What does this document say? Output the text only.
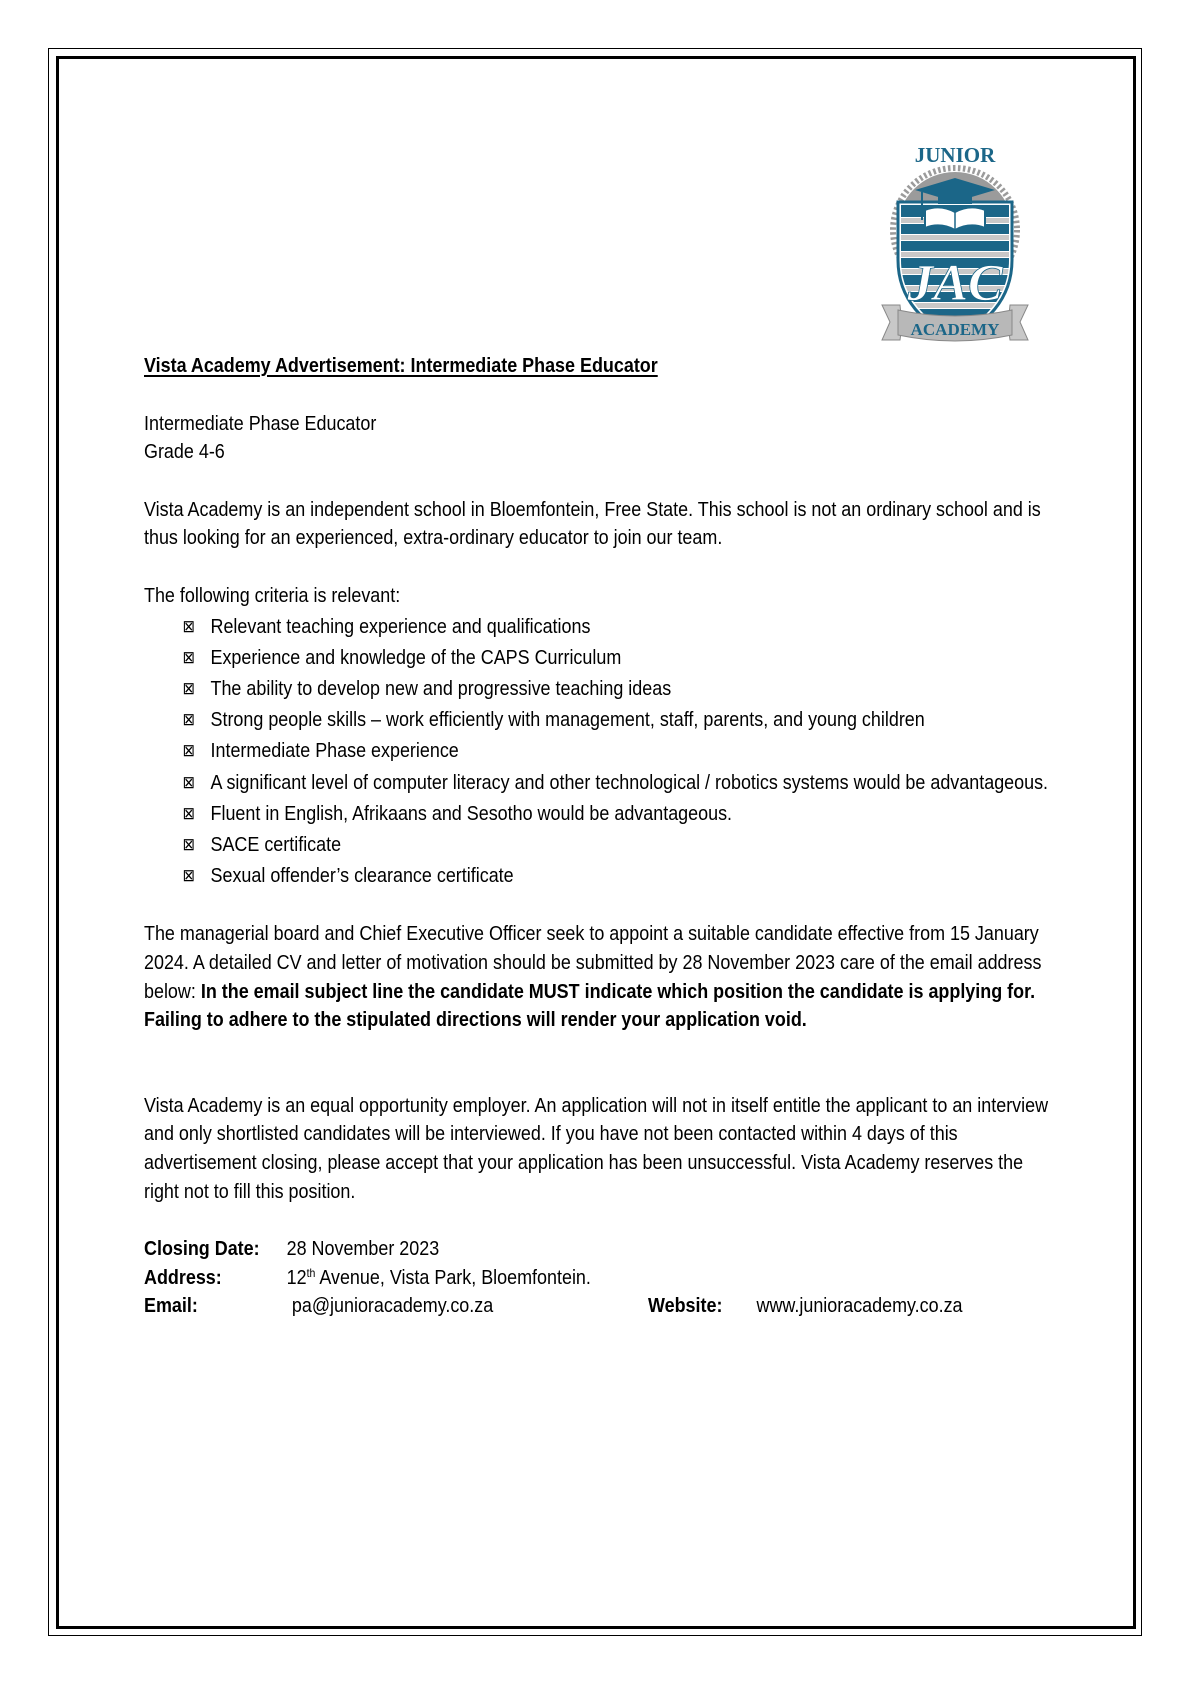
JUNIOR
JAC
ACADEMY

Vista Academy Advertisement: Intermediate Phase Educator

Intermediate Phase Educator

Grade 4-6

Vista Academy is an independent school in Bloemfontein, Free State. This school is not an ordinary school and is thus looking for an experienced, extra-ordinary educator to join our team.

The following criteria is relevant:

⊠ Relevant teaching experience and qualifications
⊠ Experience and knowledge of the CAPS Curriculum
⊠ The ability to develop new and progressive teaching ideas
⊠ Strong people skills – work efficiently with management, staff, parents, and young children
⊠ Intermediate Phase experience
⊠ A significant level of computer literacy and other technological / robotics systems would be advantageous.
⊠ Fluent in English, Afrikaans and Sesotho would be advantageous.
⊠ SACE certificate
⊠ Sexual offender’s clearance certificate

The managerial board and Chief Executive Officer seek to appoint a suitable candidate effective from 15 January 2024. A detailed CV and letter of motivation should be submitted by 28 November 2023 care of the email address below: In the email subject line the candidate MUST indicate which position the candidate is applying for. Failing to adhere to the stipulated directions will render your application void.

Vista Academy is an equal opportunity employer. An application will not in itself entitle the applicant to an interview and only shortlisted candidates will be interviewed. If you have not been contacted within 4 days of this advertisement closing, please accept that your application has been unsuccessful. Vista Academy reserves the right not to fill this position.

Closing Date: 28 November 2023
Address:	12th Avenue, Vista Park, Bloemfontein.
Email:	pa@junioracademy.co.za	Website: www.junioracademy.co.za
